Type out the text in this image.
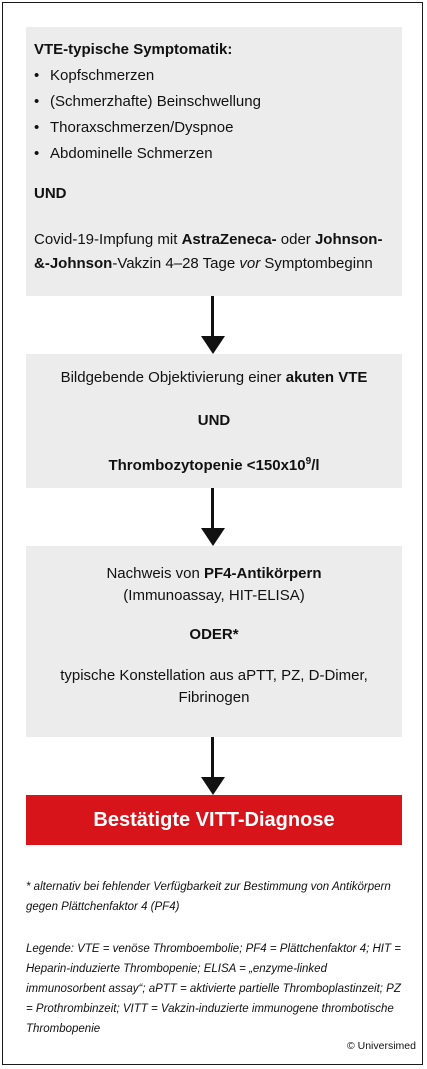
VTE-typische Symptomatik:
• Kopfschmerzen
• (Schmerzhafte) Beinschwellung
• Thoraxschmerzen/Dyspnoe
• Abdominelle Schmerzen
UND
Covid-19-Impfung mit AstraZeneca- oder Johnson-&-Johnson-Vakzin 4–28 Tage vor Symptombeginn
Bildgebende Objektivierung einer akuten VTE
UND
Thrombozytopenie $<150x10^9/l$
Nachweis von PF4-Antikörpern
(Immunoassay, HIT-ELISA)
ODER*
typische Konstellation aus aPTT, PZ, D-Dimer,
Fibrinogen
Bestätigte VITT-Diagnose
* alternativ bei fehlender Verfügbarkeit zur Bestimmung von Antikörpern gegen Plättchenfaktor 4 (PF4)
Legende: VTE = venöse Thromboembolie; PF4 = Plättchenfaktor 4; HIT = Heparin-induzierte Thrombopenie; ELISA = „enzyme-linked immunosorbent assay“; aPTT = aktivierte partielle Thromboplastinzeit; PZ = Prothrombinzeit; VITT = Vakzin-induzierte immunogene thrombotische Thrombopenie
© Universimed
